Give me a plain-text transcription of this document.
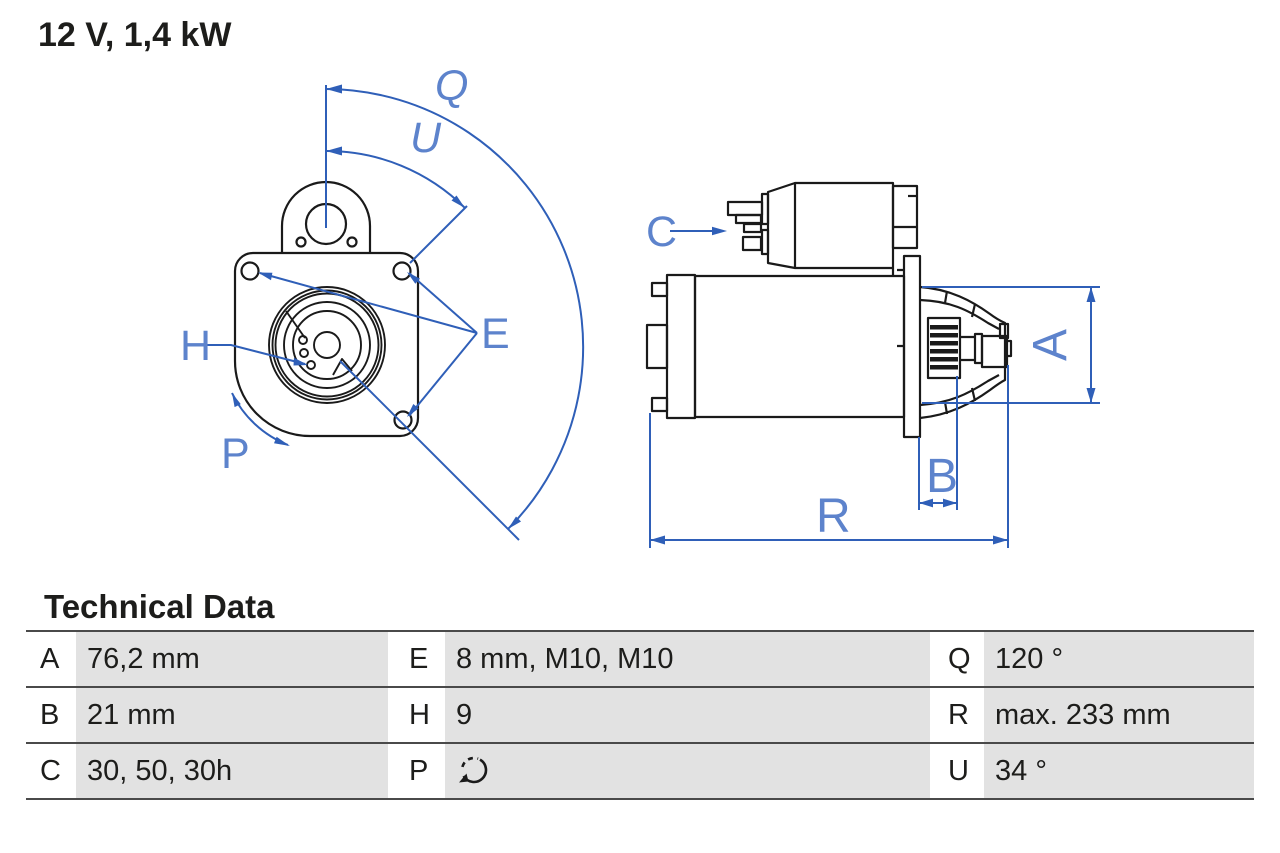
12 V, 1,4 kW
Q
U
E
H
P
C
A
B
R
Technical Data
A 76,2 mm	E 8 mm, M10, M10	Q 120 °
B 21 mm	H 9	R max. 233 mm
C 30, 50, 30h	P	U 34 °
